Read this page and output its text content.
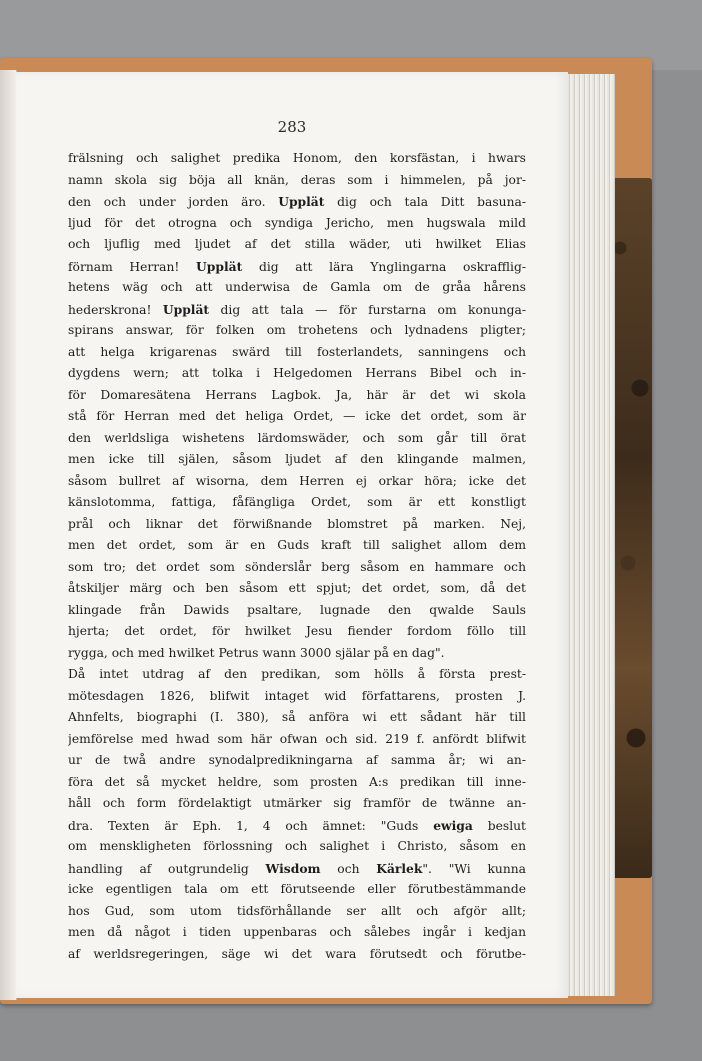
283
frälsning och salighet predika Honom, den korsfästan, i hwars
namn skola sig böja all knän, deras som i himmelen, på jor-
den och under jorden äro. Upplät dig och tala Ditt basuna-
ljud för det otrogna och syndiga Jericho, men hugswala mild
och ljuflig med ljudet af det stilla wäder, uti hwilket Elias
förnam Herran! Upplät dig att lära Ynglingarna oskrafflig-
hetens wäg och att underwisa de Gamla om de gråa hårens
hederskrona! Upplät dig att tala — för furstarna om konunga-
spirans answar, för folken om trohetens och lydnadens pligter;
att helga krigarenas swärd till fosterlandets, sanningens och
dygdens wern; att tolka i Helgedomen Herrans Bibel och in-
för Domaresätena Herrans Lagbok. Ja, här är det wi skola
stå för Herran med det heliga Ordet, — icke det ordet, som är
den werldsliga wishetens lärdomswäder, och som går till örat
men icke till själen, såsom ljudet af den klingande malmen,
såsom bullret af wisorna, dem Herren ej orkar höra; icke det
känslotomma, fattiga, fåfängliga Ordet, som är ett konstligt
prål och liknar det förwißnande blomstret på marken. Nej,
men det ordet, som är en Guds kraft till salighet allom dem
som tro; det ordet som sönderslår berg såsom en hammare och
åtskiljer märg och ben såsom ett spjut; det ordet, som, då det
klingade från Dawids psaltare, lugnade den qwalde Sauls
hjerta; det ordet, för hwilket Jesu fiender fordom föllo till
rygga, och med hwilket Petrus wann 3000 själar på en dag".
Då intet utdrag af den predikan, som hölls å första prest-
mötesdagen 1826, blifwit intaget wid författarens, prosten J.
Ahnfelts, biographi (I. 380), så anföra wi ett sådant här till
jemförelse med hwad som här ofwan och sid. 219 f. anfördt blifwit
ur de twå andre synodalpredikningarna af samma år; wi an-
föra det så mycket heldre, som prosten A:s predikan till inne-
håll och form fördelaktigt utmärker sig framför de twänne an-
dra. Texten är Eph. 1, 4 och ämnet: "Guds ewiga beslut
om menskligheten förlossning och salighet i Christo, såsom en
handling af outgrundelig Wisdom och Kärlek". "Wi kunna
icke egentligen tala om ett förutseende eller förutbestämmande
hos Gud, som utom tidsförhållande ser allt och afgör allt;
men då något i tiden uppenbaras och sålebes ingår i kedjan
af werldsregeringen, säge wi det wara förutsedt och förutbe-
